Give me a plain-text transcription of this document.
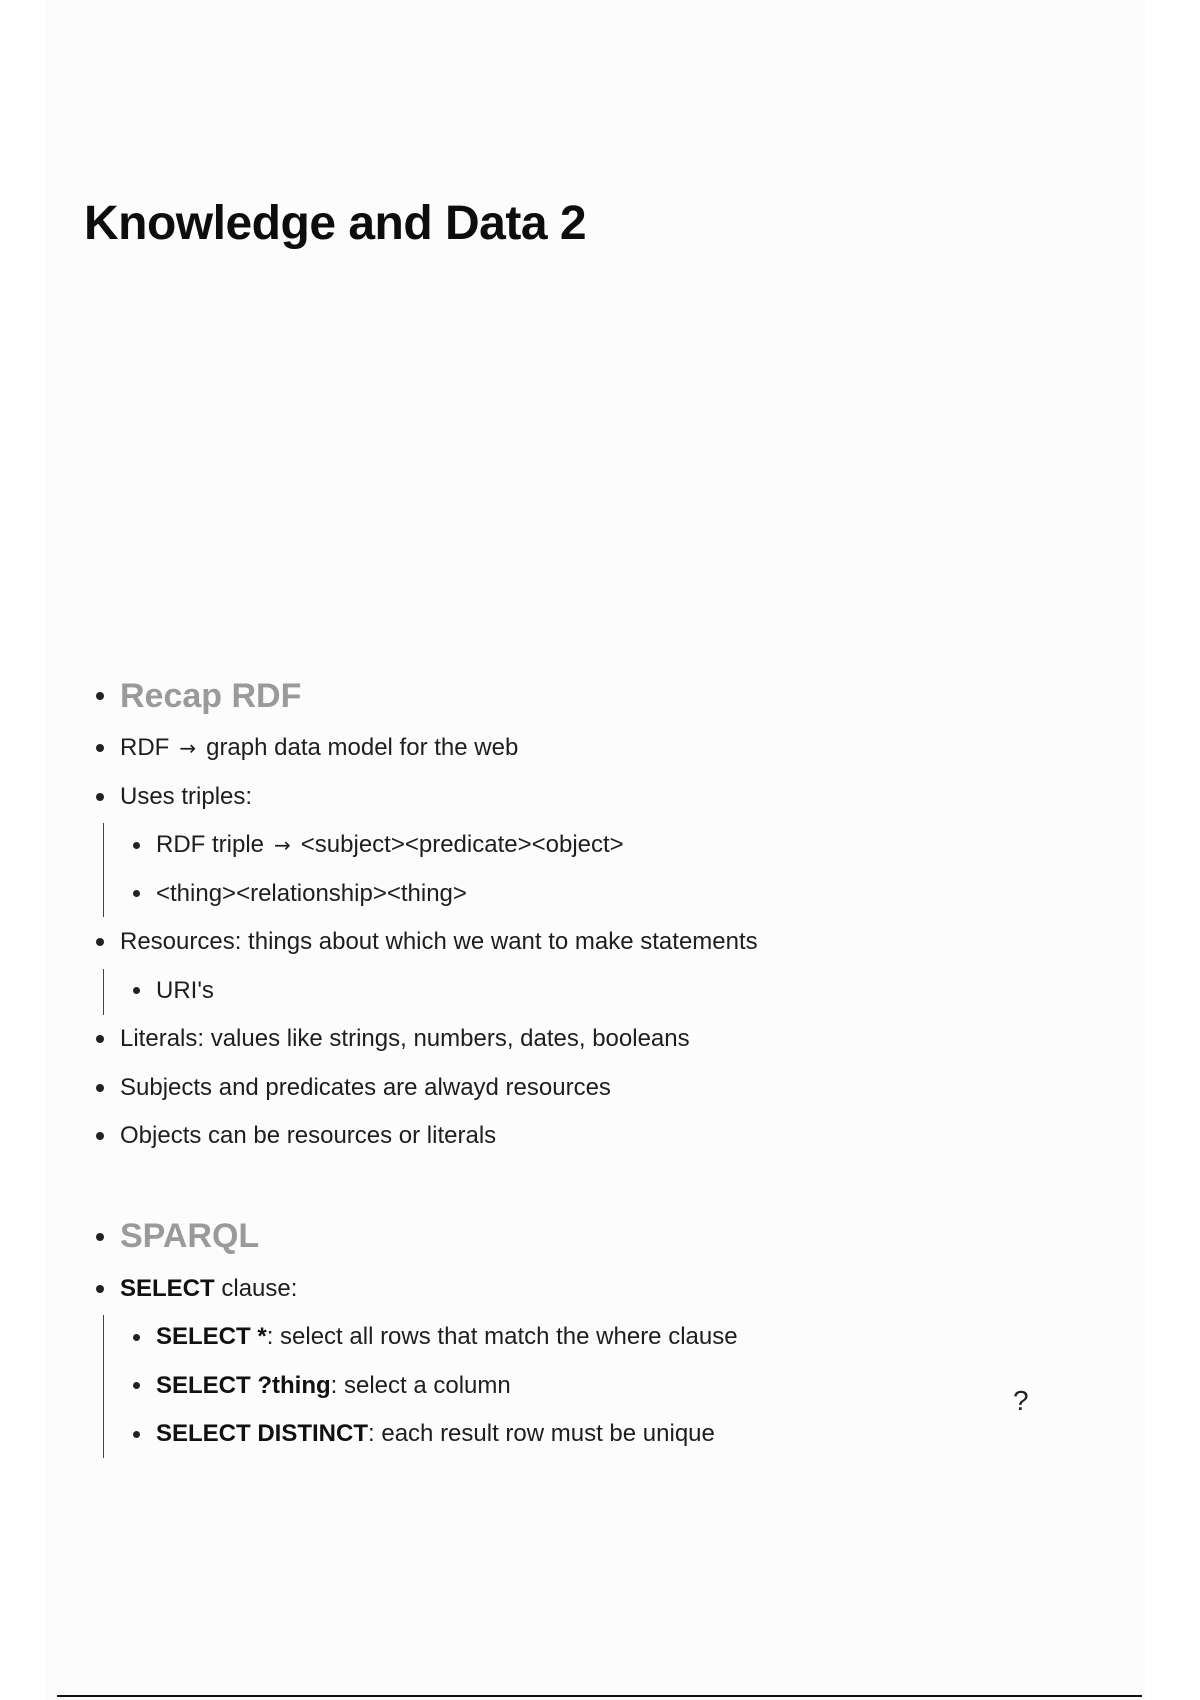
Knowledge and Data 2
Recap RDF
RDF → graph data model for the web
Uses triples:
RDF triple → <subject><predicate><object>
<thing><relationship><thing>
Resources: things about which we want to make statements
URI's
Literals: values like strings, numbers, dates, booleans
Subjects and predicates are alwayd resources
Objects can be resources or literals
SPARQL
SELECT clause:
SELECT * : select all rows that match the where clause
SELECT ?thing : select a column
SELECT DISTINCT : each result row must be unique
?
